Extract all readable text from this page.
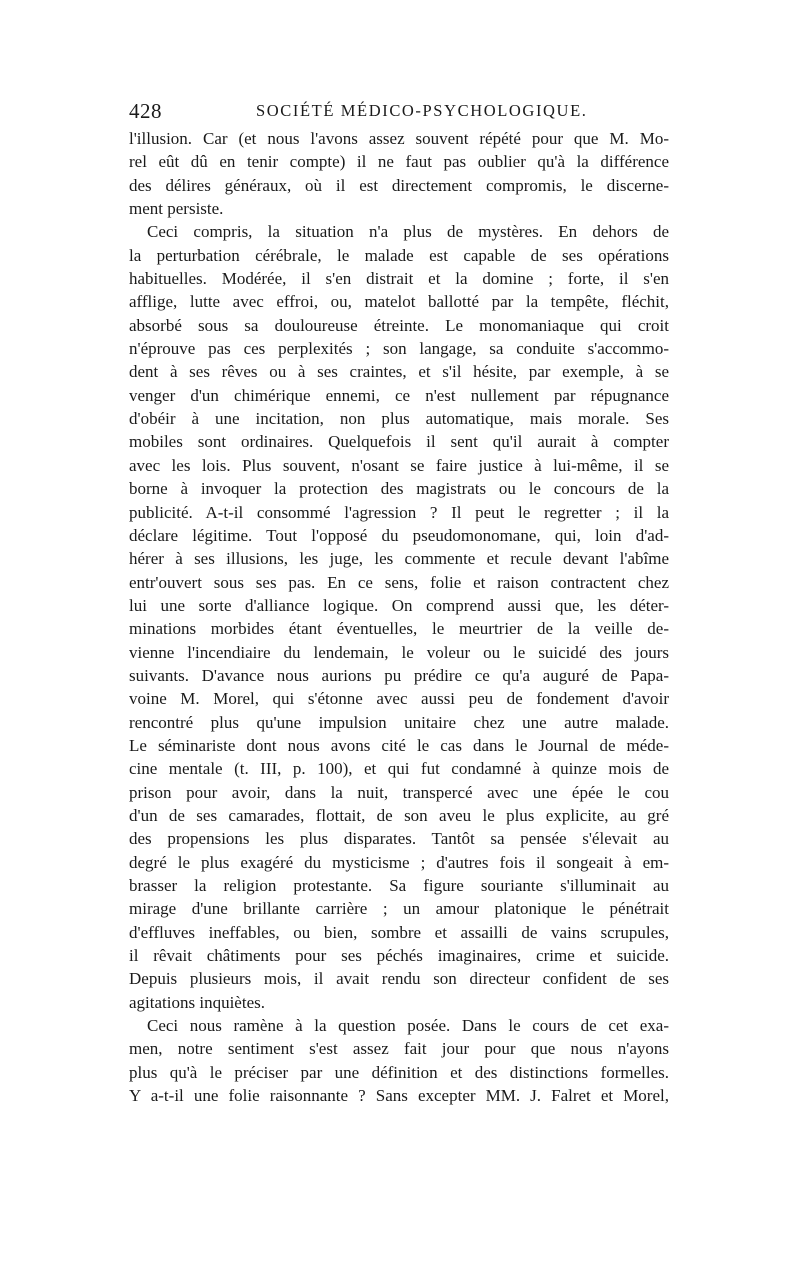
428	SOCIÉTÉ MÉDICO-PSYCHOLOGIQUE.
l'illusion. Car (et nous l'avons assez souvent répété pour que M. Mo-
rel eût dû en tenir compte) il ne faut pas oublier qu'à la différence
des délires généraux, où il est directement compromis, le discerne-
ment persiste.
Ceci compris, la situation n'a plus de mystères. En dehors de
la perturbation cérébrale, le malade est capable de ses opérations
habituelles. Modérée, il s'en distrait et la domine ; forte, il s'en
afflige, lutte avec effroi, ou, matelot ballotté par la tempête, fléchit,
absorbé sous sa douloureuse étreinte. Le monomaniaque qui croit
n'éprouve pas ces perplexités ; son langage, sa conduite s'accommo-
dent à ses rêves ou à ses craintes, et s'il hésite, par exemple, à se
venger d'un chimérique ennemi, ce n'est nullement par répugnance
d'obéir à une incitation, non plus automatique, mais morale. Ses
mobiles sont ordinaires. Quelquefois il sent qu'il aurait à compter
avec les lois. Plus souvent, n'osant se faire justice à lui-même, il se
borne à invoquer la protection des magistrats ou le concours de la
publicité. A-t-il consommé l'agression ? Il peut le regretter ; il la
déclare légitime. Tout l'opposé du pseudomonomane, qui, loin d'ad-
hérer à ses illusions, les juge, les commente et recule devant l'abîme
entr'ouvert sous ses pas. En ce sens, folie et raison contractent chez
lui une sorte d'alliance logique. On comprend aussi que, les déter-
minations morbides étant éventuelles, le meurtrier de la veille de-
vienne l'incendiaire du lendemain, le voleur ou le suicidé des jours
suivants. D'avance nous aurions pu prédire ce qu'a auguré de Papa-
voine M. Morel, qui s'étonne avec aussi peu de fondement d'avoir
rencontré plus qu'une impulsion unitaire chez une autre malade.
Le séminariste dont nous avons cité le cas dans le Journal de méde-
cine mentale (t. III, p. 100), et qui fut condamné à quinze mois de
prison pour avoir, dans la nuit, transpercé avec une épée le cou
d'un de ses camarades, flottait, de son aveu le plus explicite, au gré
des propensions les plus disparates. Tantôt sa pensée s'élevait au
degré le plus exagéré du mysticisme ; d'autres fois il songeait à em-
brasser la religion protestante. Sa figure souriante s'illuminait au
mirage d'une brillante carrière ; un amour platonique le pénétrait
d'effluves ineffables, ou bien, sombre et assailli de vains scrupules,
il rêvait châtiments pour ses péchés imaginaires, crime et suicide.
Depuis plusieurs mois, il avait rendu son directeur confident de ses
agitations inquiètes.
Ceci nous ramène à la question posée. Dans le cours de cet exa-
men, notre sentiment s'est assez fait jour pour que nous n'ayons
plus qu'à le préciser par une définition et des distinctions formelles.
Y a-t-il une folie raisonnante ? Sans excepter MM. J. Falret et Morel,
